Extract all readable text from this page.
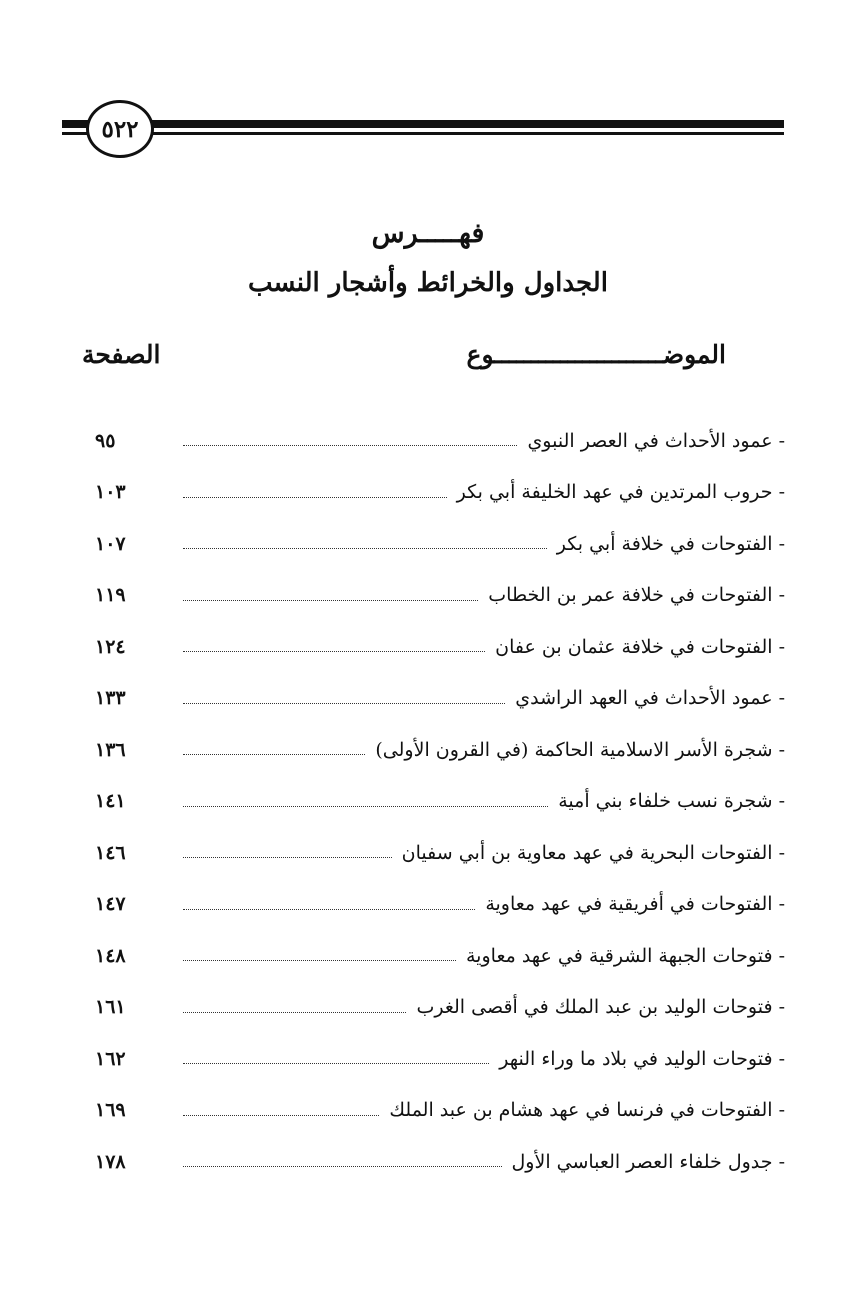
٥٢٢
فهـــــرس
الجداول والخرائط وأشجار النسب
الموضـــــــــــــــــــــــوع
الصفحة
- عمود الأحداث في العصر النبوي
٩٥
- حروب المرتدين في عهد الخليفة أبي بكر
١٠٣
- الفتوحات في خلافة أبي بكر
١٠٧
- الفتوحات في خلافة عمر بن الخطاب
١١٩
- الفتوحات في خلافة عثمان بن عفان
١٢٤
- عمود الأحداث في العهد الراشدي
١٣٣
- شجرة الأسر الاسلامية الحاكمة (في القرون الأولى)
١٣٦
- شجرة نسب خلفاء بني أمية
١٤١
- الفتوحات البحرية في عهد معاوية بن أبي سفيان
١٤٦
- الفتوحات في أفريقية في عهد معاوية
١٤٧
- فتوحات الجبهة الشرقية في عهد معاوية
١٤٨
- فتوحات الوليد بن عبد الملك في أقصى الغرب
١٦١
- فتوحات الوليد في بلاد ما وراء النهر
١٦٢
- الفتوحات في فرنسا في عهد هشام بن عبد الملك
١٦٩
- جدول خلفاء العصر العباسي الأول
١٧٨
